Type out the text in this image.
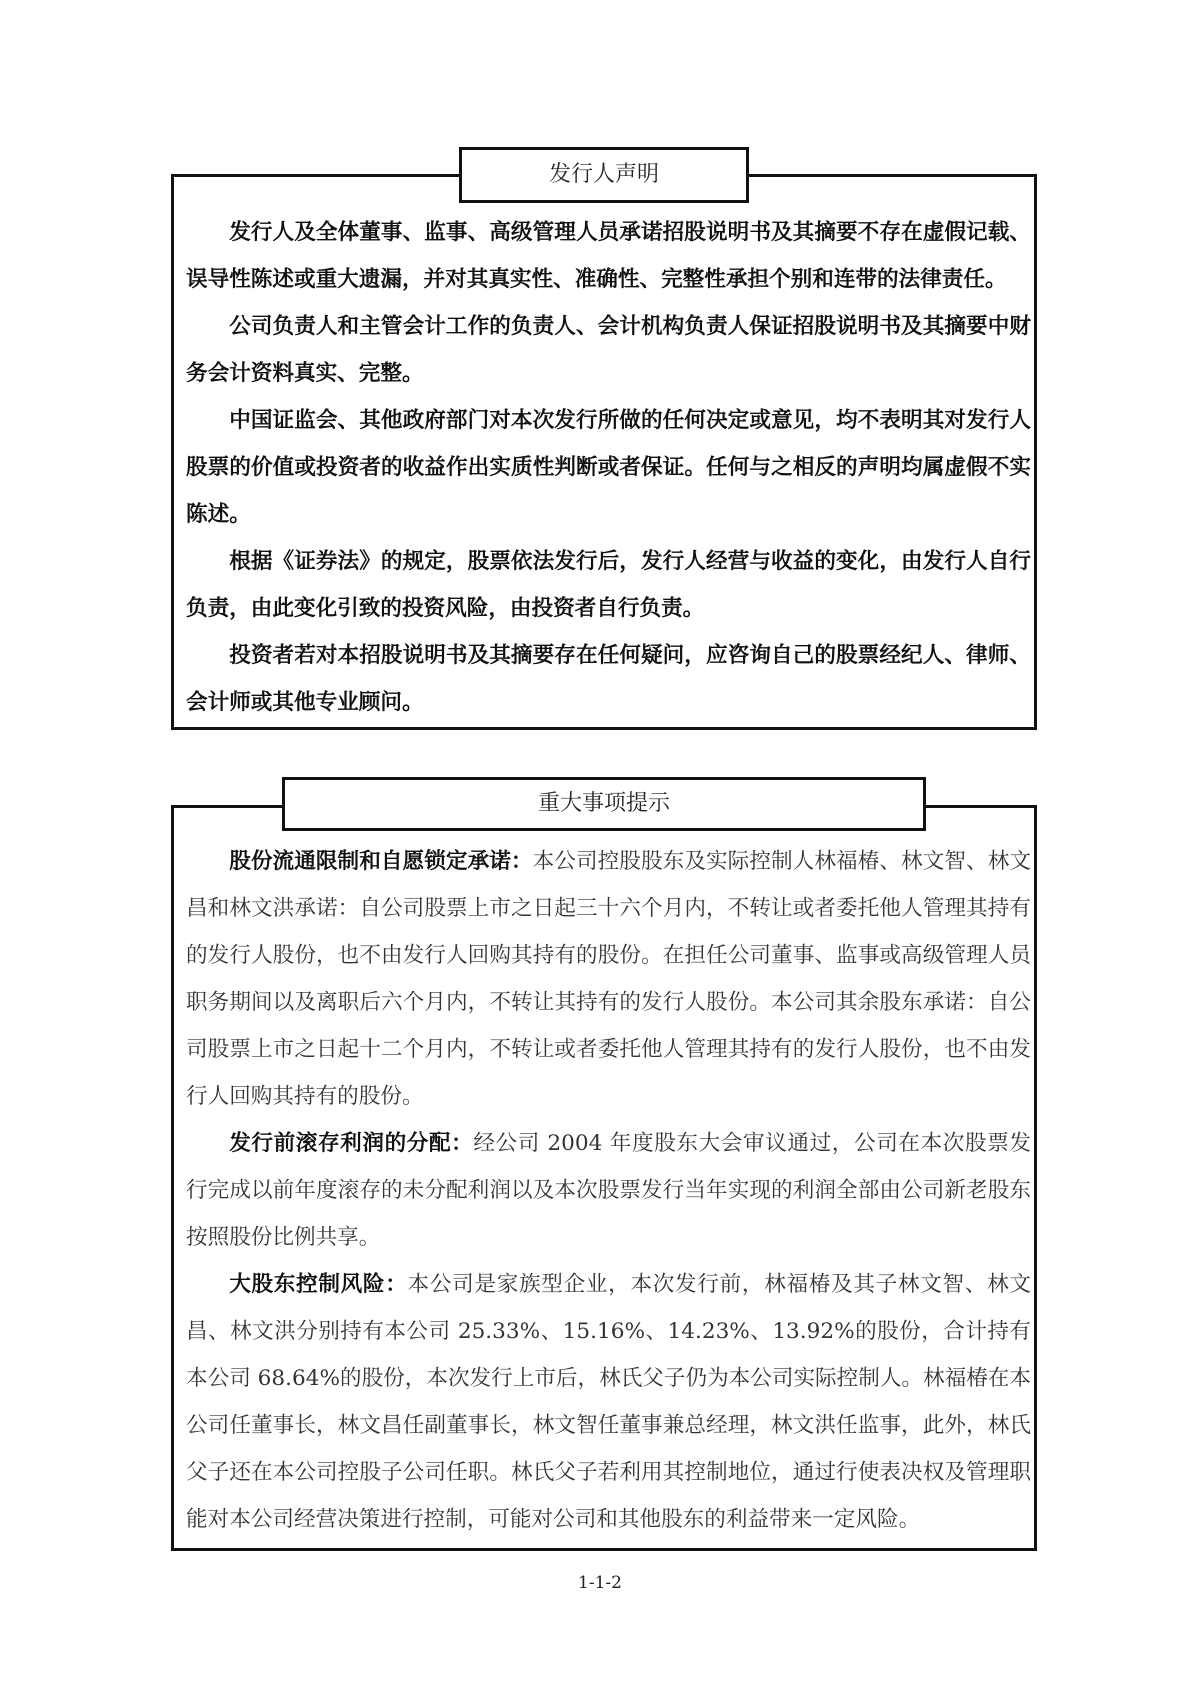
发行人及全体董事、监事、高级管理人员承诺招股说明书及其摘要不存在虚假记载、误导性陈述或重大遗漏，并对其真实性、准确性、完整性承担个别和连带的法律责任。

公司负责人和主管会计工作的负责人、会计机构负责人保证招股说明书及其摘要中财务会计资料真实、完整。

中国证监会、其他政府部门对本次发行所做的任何决定或意见，均不表明其对发行人股票的价值或投资者的收益作出实质性判断或者保证。任何与之相反的声明均属虚假不实陈述。

根据《证券法》的规定，股票依法发行后，发行人经营与收益的变化，由发行人自行负责，由此变化引致的投资风险，由投资者自行负责。

投资者若对本招股说明书及其摘要存在任何疑问，应咨询自己的股票经纪人、律师、会计师或其他专业顾问。

发行人声明

股份流通限制和自愿锁定承诺：本公司控股股东及实际控制人林福椿、林文智、林文昌和林文洪承诺：自公司股票上市之日起三十六个月内，不转让或者委托他人管理其持有的发行人股份，也不由发行人回购其持有的股份。在担任公司董事、监事或高级管理人员职务期间以及离职后六个月内，不转让其持有的发行人股份。本公司其余股东承诺：自公司股票上市之日起十二个月内，不转让或者委托他人管理其持有的发行人股份，也不由发行人回购其持有的股份。

发行前滚存利润的分配：经公司 2004 年度股东大会审议通过，公司在本次股票发行完成以前年度滚存的未分配利润以及本次股票发行当年实现的利润全部由公司新老股东按照股份比例共享。

大股东控制风险：本公司是家族型企业，本次发行前，林福椿及其子林文智、林文昌、林文洪分别持有本公司 25.33%、15.16%、14.23%、13.92%的股份，合计持有本公司 68.64%的股份，本次发行上市后，林氏父子仍为本公司实际控制人。林福椿在本公司任董事长，林文昌任副董事长，林文智任董事兼总经理，林文洪任监事，此外，林氏父子还在本公司控股子公司任职。林氏父子若利用其控制地位，通过行使表决权及管理职能对本公司经营决策进行控制，可能对公司和其他股东的利益带来一定风险。

重大事项提示
1-1-2
